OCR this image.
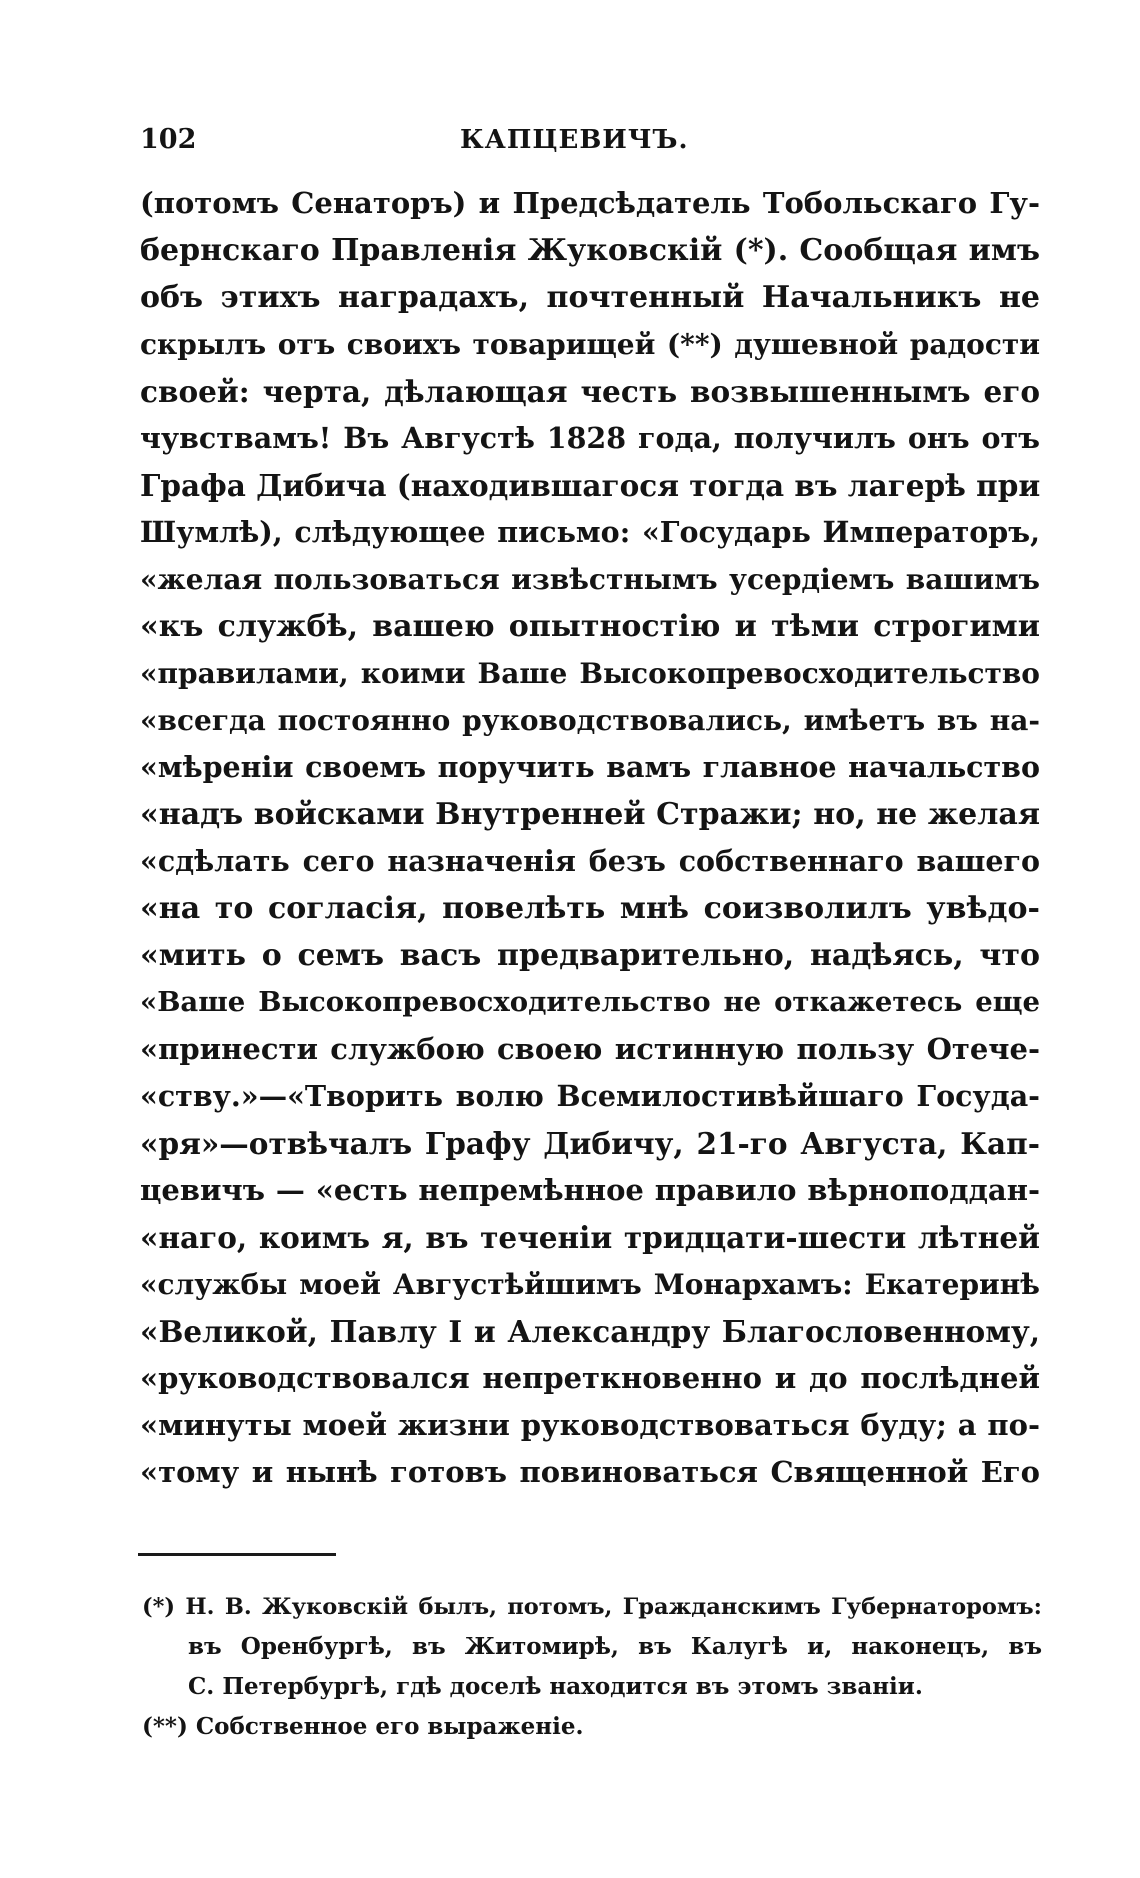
102	КАПЦЕВИЧЪ.
(потомъ Сенаторъ) и Предсѣдатель Тобольскаго Гу-
бернскаго Правленія Жуковскій (*). Сообщая имъ
объ этихъ наградахъ, почтенный Начальникъ не
скрылъ отъ своихъ товарищей (**) душевной радости
своей: черта, дѣлающая честь возвышеннымъ его
чувствамъ! Въ Августѣ 1828 года, получилъ онъ отъ
Графа Дибича (находившагося тогда въ лагерѣ при
Шумлѣ), слѣдующее письмо: «Государь Императоръ,
«желая пользоваться извѣстнымъ усердіемъ вашимъ
«къ службѣ, вашею опытностію и тѣми строгими
«правилами, коими Ваше Высокопревосходительство
«всегда постоянно руководствовались, имѣетъ въ на-
«мѣреніи своемъ поручить вамъ главное начальство
«надъ войсками Внутренней Стражи; но, не желая
«сдѣлать сего назначенія безъ собственнаго вашего
«на то согласія, повелѣть мнѣ соизволилъ увѣдо-
«мить о семъ васъ предварительно, надѣясь, что
«Ваше Высокопревосходительство не откажетесь еще
«принести службою своею истинную пользу Отече-
«ству.»—«Творить волю Всемилостивѣйшаго Госуда-
«ря»—отвѣчалъ Графу Дибичу, 21-го Августа, Кап-
цевичъ — «есть непремѣнное правило вѣрноподдан-
«наго, коимъ я, въ теченіи тридцати-шести лѣтней
«службы моей Августѣйшимъ Монархамъ: Екатеринѣ
«Великой, Павлу I и Александру Благословенному,
«руководствовался непреткновенно и до послѣдней
«минуты моей жизни руководствоваться буду; а по-
«тому и нынѣ готовъ повиноваться Священной Его
(*) Н. В. Жуковскій былъ, потомъ, Гражданскимъ Губернаторомъ:
въ Оренбургѣ, въ Житомирѣ, въ Калугѣ и, наконецъ, въ
С. Петербургѣ, гдѣ доселѣ находится въ этомъ званіи.
(**) Собственное его выраженіе.
